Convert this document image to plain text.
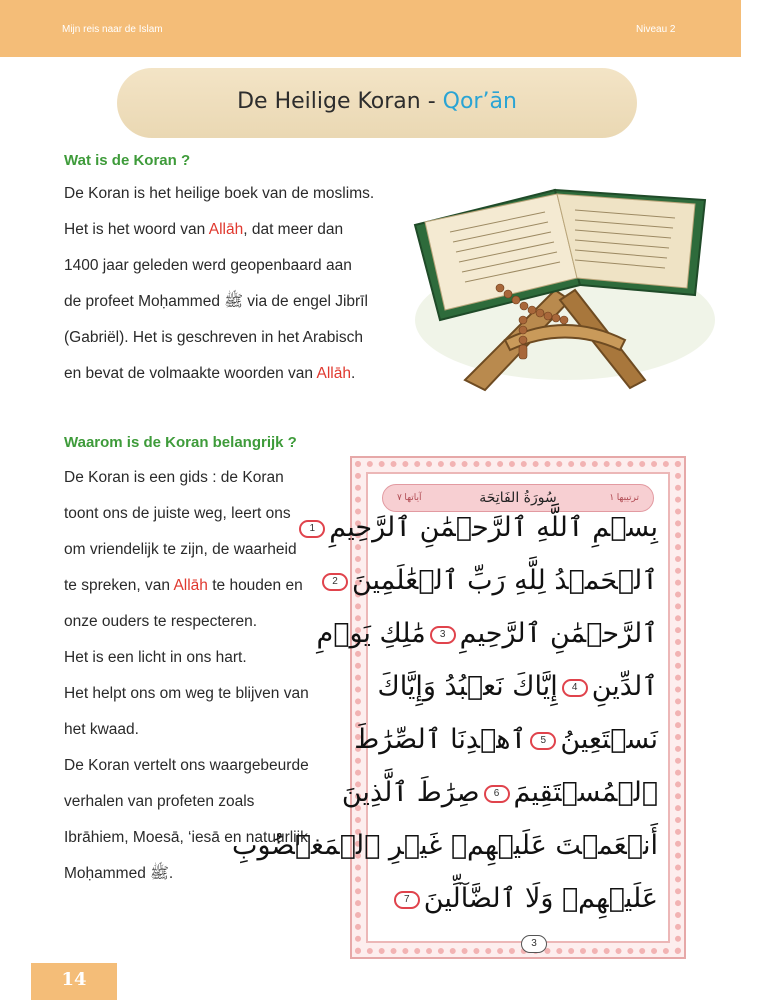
Mijn reis naar de Islam	Niveau 2
De Heilige Koran - Qor’ān
Wat is de Koran ?
De Koran is het heilige boek van de moslims.
Het is het woord van Allāh, dat meer dan
1400 jaar geleden werd geopenbaard aan
de profeet Moḥammed ﷺ via de engel Jibrīl
(Gabriël). Het is geschreven in het Arabisch
en bevat de volmaakte woorden van Allāh.
Waarom is de Koran belangrijk ?
De Koran is een gids : de Koran
toont ons de juiste weg, leert ons
om vriendelijk te zijn, de waarheid
te spreken, van Allāh te houden en
onze ouders te respecteren.
Het is een licht in ons hart.
Het helpt ons om weg te blijven van
het kwaad.
De Koran vertelt ons waargebeurde
verhalen van profeten zoals
Ibrāhiem, Moesā, ‘iesā en natuurlijk
Moḥammed ﷺ.
آياتها ٧	سُورَةُ الفَاتِحَة	ترتيبها ١
بِسۡمِ ٱللَّهِ ٱلرَّحۡمَٰنِ ٱلرَّحِيمِ1
ٱلۡحَمۡدُ لِلَّهِ رَبِّ ٱلۡعَٰلَمِينَ2
ٱلرَّحۡمَٰنِ ٱلرَّحِيمِ3مَٰلِكِ يَوۡمِ
ٱلدِّينِ4إِيَّاكَ نَعۡبُدُ وَإِيَّاكَ
نَسۡتَعِينُ5ٱهۡدِنَا ٱلصِّرَٰطَ
ٱلۡمُسۡتَقِيمَ6صِرَٰطَ ٱلَّذِينَ
أَنۡعَمۡتَ عَلَيۡهِمۡ غَيۡرِ ٱلۡمَغۡضُوبِ
عَلَيۡهِمۡ وَلَا ٱلضَّآلِّينَ7
3
14
